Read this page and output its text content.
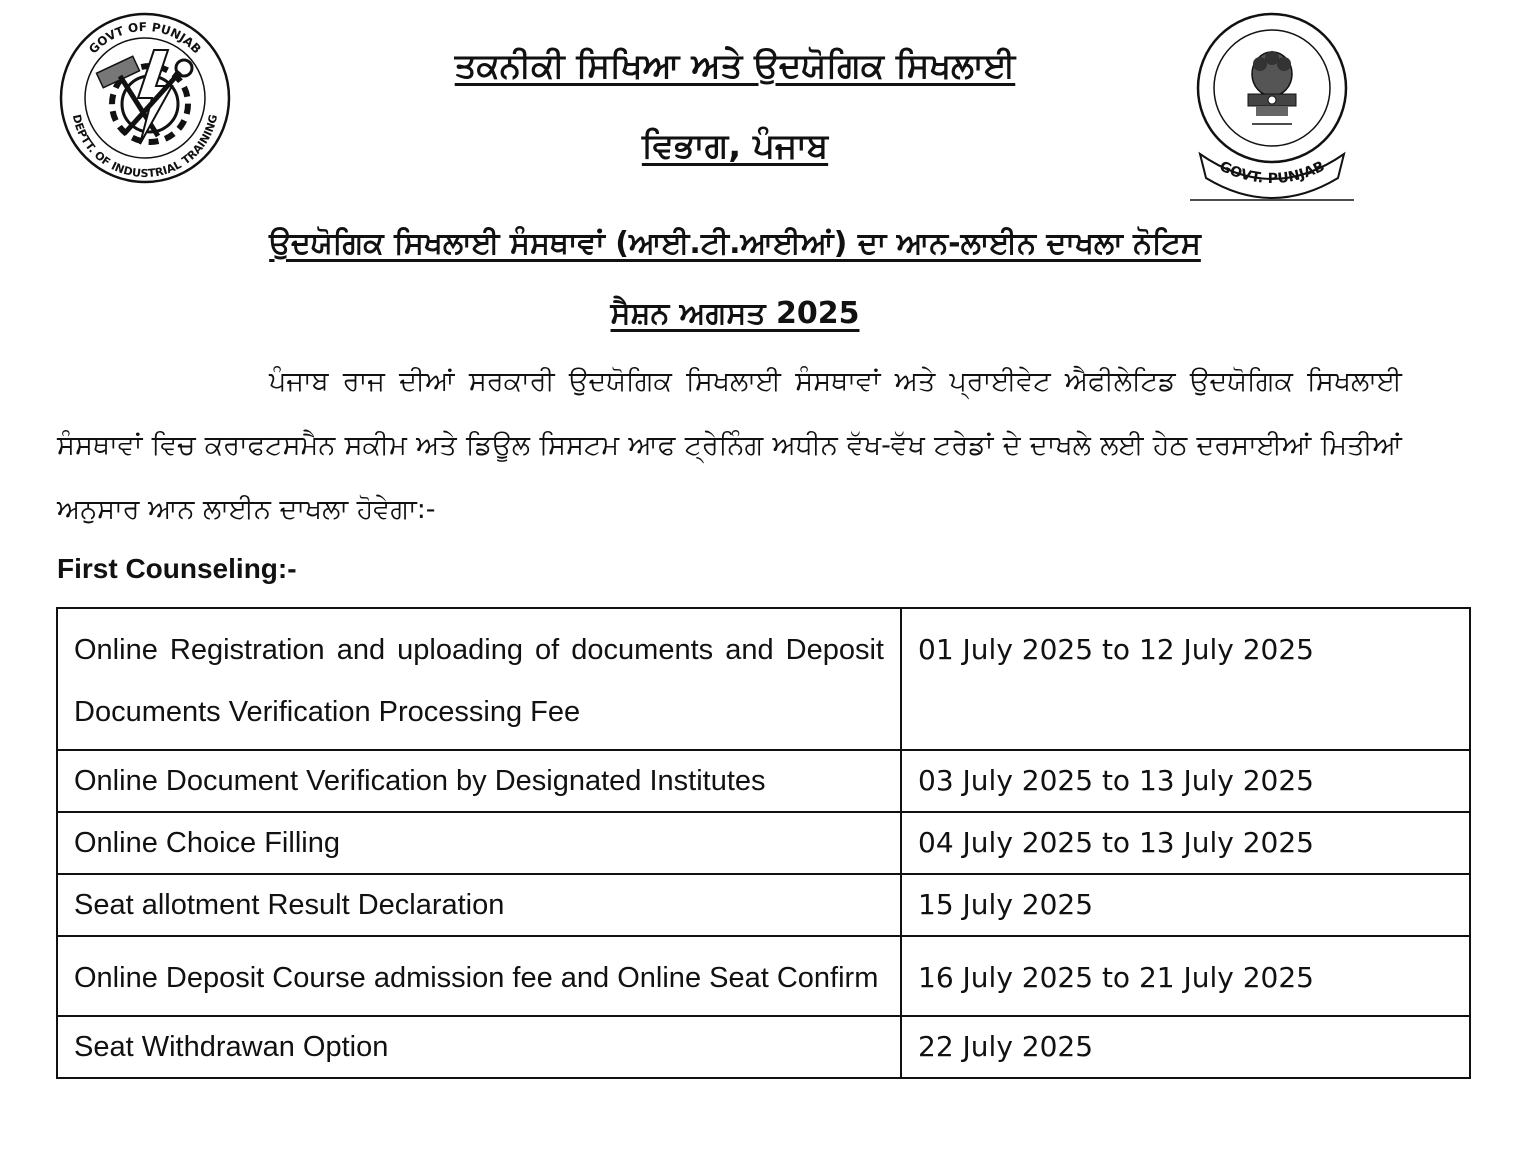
GOVT OF PUNJAB
DEPTT. OF INDUSTRIAL TRAINING
GOVT. PUNJAB
ਤਕਨੀਕੀ ਸਿਖਿਆ ਅਤੇ ਉਦਯੋਗਿਕ ਸਿਖਲਾਈ
ਵਿਭਾਗ, ਪੰਜਾਬ
ਉਦਯੋਗਿਕ ਸਿਖਲਾਈ ਸੰਸਥਾਵਾਂ (ਆਈ.ਟੀ.ਆਈਆਂ) ਦਾ ਆਨ-ਲਾਈਨ ਦਾਖਲਾ ਨੋਟਿਸ
ਸੈਸ਼ਨ ਅਗਸਤ 2025
ਪੰਜਾਬ ਰਾਜ ਦੀਆਂ ਸਰਕਾਰੀ ਉਦਯੋਗਿਕ ਸਿਖਲਾਈ ਸੰਸਥਾਵਾਂ ਅਤੇ ਪ੍ਰਾਈਵੇਟ ਐਫੀਲੇਟਿਡ ਉਦਯੋਗਿਕ ਸਿਖਲਾਈ ਸੰਸਥਾਵਾਂ ਵਿਚ ਕਰਾਫਟਸਮੈਨ ਸਕੀਮ ਅਤੇ ਡਿਊਲ ਸਿਸਟਮ ਆਫ ਟ੍ਰੇਨਿੰਗ ਅਧੀਨ ਵੱਖ-ਵੱਖ ਟਰੇਡਾਂ ਦੇ ਦਾਖਲੇ ਲਈ ਹੇਠ ਦਰਸਾਈਆਂ ਮਿਤੀਆਂ ਅਨੁਸਾਰ ਆਨ ਲਾਈਨ ਦਾਖਲਾ ਹੋਵੇਗਾ:-
First Counseling:-
Online Registration and uploading of documents and Deposit Documents Verification Processing Fee	01 July 2025 to 12 July 2025
Online Document Verification by Designated Institutes	03 July 2025 to 13 July 2025
Online Choice Filling	04 July 2025 to 13 July 2025
Seat allotment Result Declaration	15 July 2025
Online Deposit Course admission fee and Online Seat Confirm	16 July 2025 to 21 July 2025
Seat Withdrawan Option	22 July 2025
